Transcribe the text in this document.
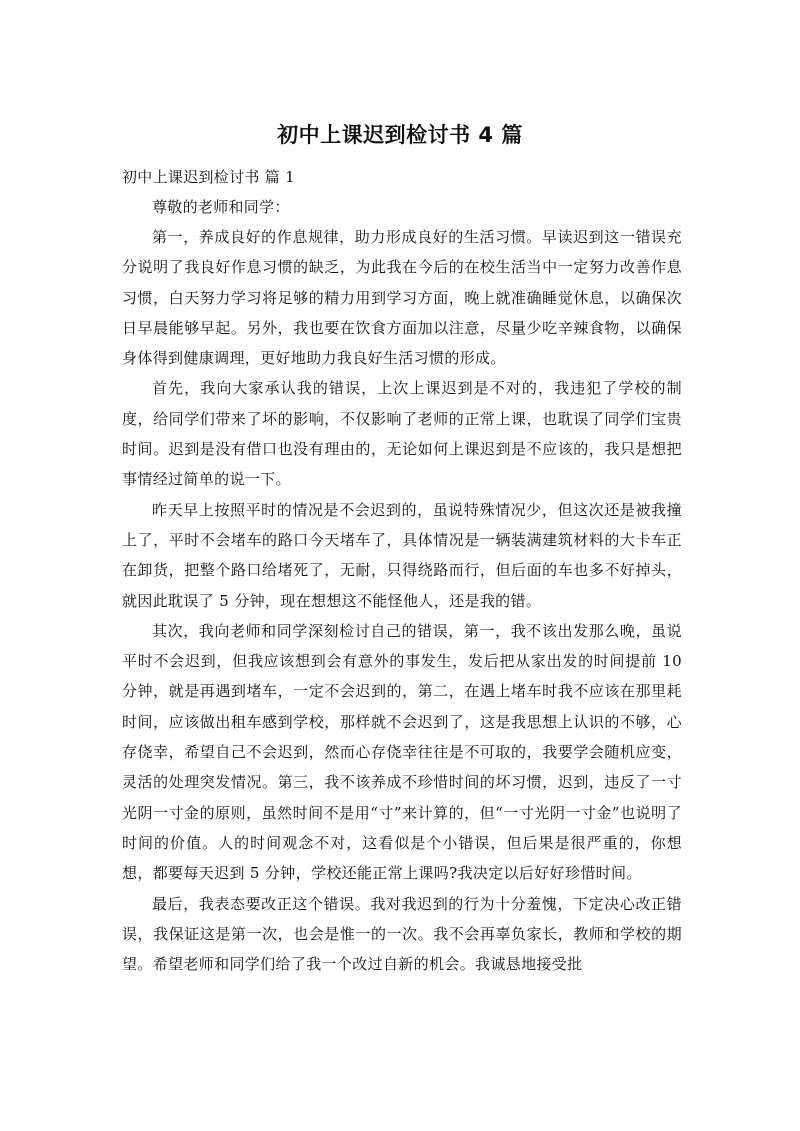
初中上课迟到检讨书 4 篇

初中上课迟到检讨书 篇 1

尊敬的老师和同学：

第一，养成良好的作息规律，助力形成良好的生活习惯。早读迟到这一错误充分说明了我良好作息习惯的缺乏，为此我在今后的在校生活当中一定努力改善作息习惯，白天努力学习将足够的精力用到学习方面，晚上就准确睡觉休息，以确保次日早晨能够早起。另外，我也要在饮食方面加以注意，尽量少吃辛辣食物，以确保身体得到健康调理，更好地助力我良好生活习惯的形成。

首先，我向大家承认我的错误，上次上课迟到是不对的，我违犯了学校的制度，给同学们带来了坏的影响，不仅影响了老师的正常上课，也耽误了同学们宝贵时间。迟到是没有借口也没有理由的，无论如何上课迟到是不应该的，我只是想把事情经过简单的说一下。

昨天早上按照平时的情况是不会迟到的，虽说特殊情况少，但这次还是被我撞上了，平时不会堵车的路口今天堵车了，具体情况是一辆装满建筑材料的大卡车正在卸货，把整个路口给堵死了，无耐，只得绕路而行，但后面的车也多不好掉头，就因此耽误了 5 分钟，现在想想这不能怪他人，还是我的错。

其次，我向老师和同学深刻检讨自己的错误，第一，我不该出发那么晚，虽说平时不会迟到，但我应该想到会有意外的事发生，发后把从家出发的时间提前 10 分钟，就是再遇到堵车，一定不会迟到的，第二，在遇上堵车时我不应该在那里耗时间，应该做出租车感到学校，那样就不会迟到了，这是我思想上认识的不够，心存侥幸，希望自己不会迟到，然而心存侥幸往往是不可取的，我要学会随机应变，灵活的处理突发情况。第三，我不该养成不珍惜时间的坏习惯，迟到，违反了一寸光阴一寸金的原则，虽然时间不是用“寸”来计算的，但“一寸光阴一寸金”也说明了时间的价值。人的时间观念不对，这看似是个小错误，但后果是很严重的，你想想，都要每天迟到 5 分钟，学校还能正常上课吗?我决定以后好好珍惜时间。

最后，我表态要改正这个错误。我对我迟到的行为十分羞愧，下定决心改正错误，我保证这是第一次，也会是惟一的一次。我不会再辜负家长，教师和学校的期望。希望老师和同学们给了我一个改过自新的机会。我诚恳地接受批
